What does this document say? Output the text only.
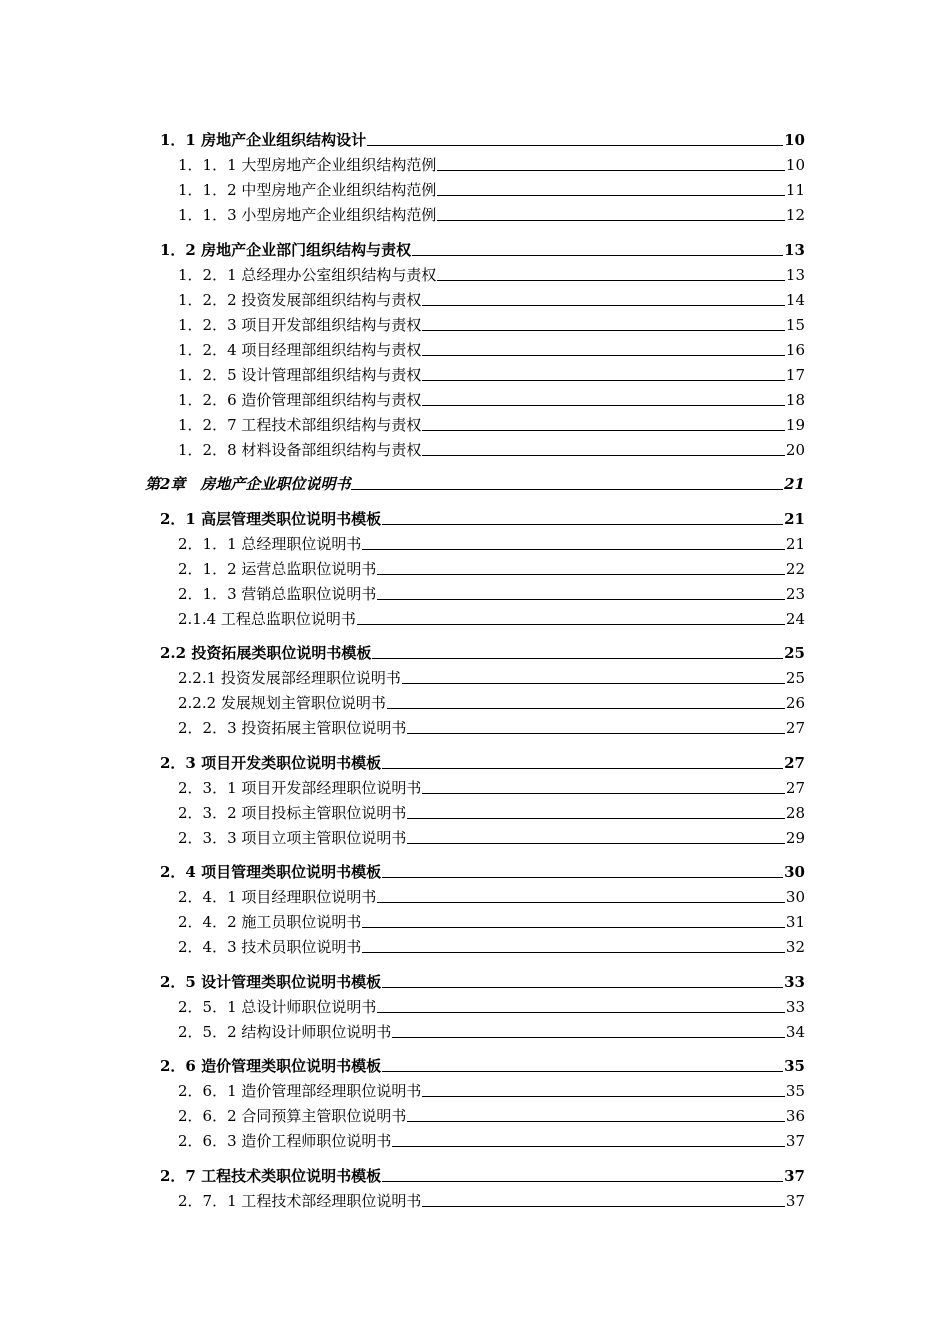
1．1 房地产企业组织结构设计	10
1．1．1 大型房地产企业组织结构范例	10
1．1．2 中型房地产企业组织结构范例	11
1．1．3 小型房地产企业组织结构范例	12
1．2 房地产企业部门组织结构与责权	13
1．2．1 总经理办公室组织结构与责权	13
1．2．2 投资发展部组织结构与责权	14
1．2．3 项目开发部组织结构与责权	15
1．2．4 项目经理部组织结构与责权	16
1．2．5 设计管理部组织结构与责权	17
1．2．6 造价管理部组织结构与责权	18
1．2．7 工程技术部组织结构与责权	19
1．2．8 材料设备部组织结构与责权	20
第2章　房地产企业职位说明书	21
2．1 高层管理类职位说明书模板	21
2．1．1 总经理职位说明书	21
2．1．2 运营总监职位说明书	22
2．1．3 营销总监职位说明书	23
2.1.4 工程总监职位说明书	24
2.2 投资拓展类职位说明书模板	25
2.2.1 投资发展部经理职位说明书	25
2.2.2 发展规划主管职位说明书	26
2．2．3 投资拓展主管职位说明书	27
2．3 项目开发类职位说明书模板	27
2．3．1 项目开发部经理职位说明书	27
2．3．2 项目投标主管职位说明书	28
2．3．3 项目立项主管职位说明书	29
2．4 项目管理类职位说明书模板	30
2．4．1 项目经理职位说明书	30
2．4．2 施工员职位说明书	31
2．4．3 技术员职位说明书	32
2．5 设计管理类职位说明书模板	33
2．5．1 总设计师职位说明书	33
2．5．2 结构设计师职位说明书	34
2．6 造价管理类职位说明书模板	35
2．6．1 造价管理部经理职位说明书	35
2．6．2 合同预算主管职位说明书	36
2．6．3 造价工程师职位说明书	37
2．7 工程技术类职位说明书模板	37
2．7．1 工程技术部经理职位说明书	37
